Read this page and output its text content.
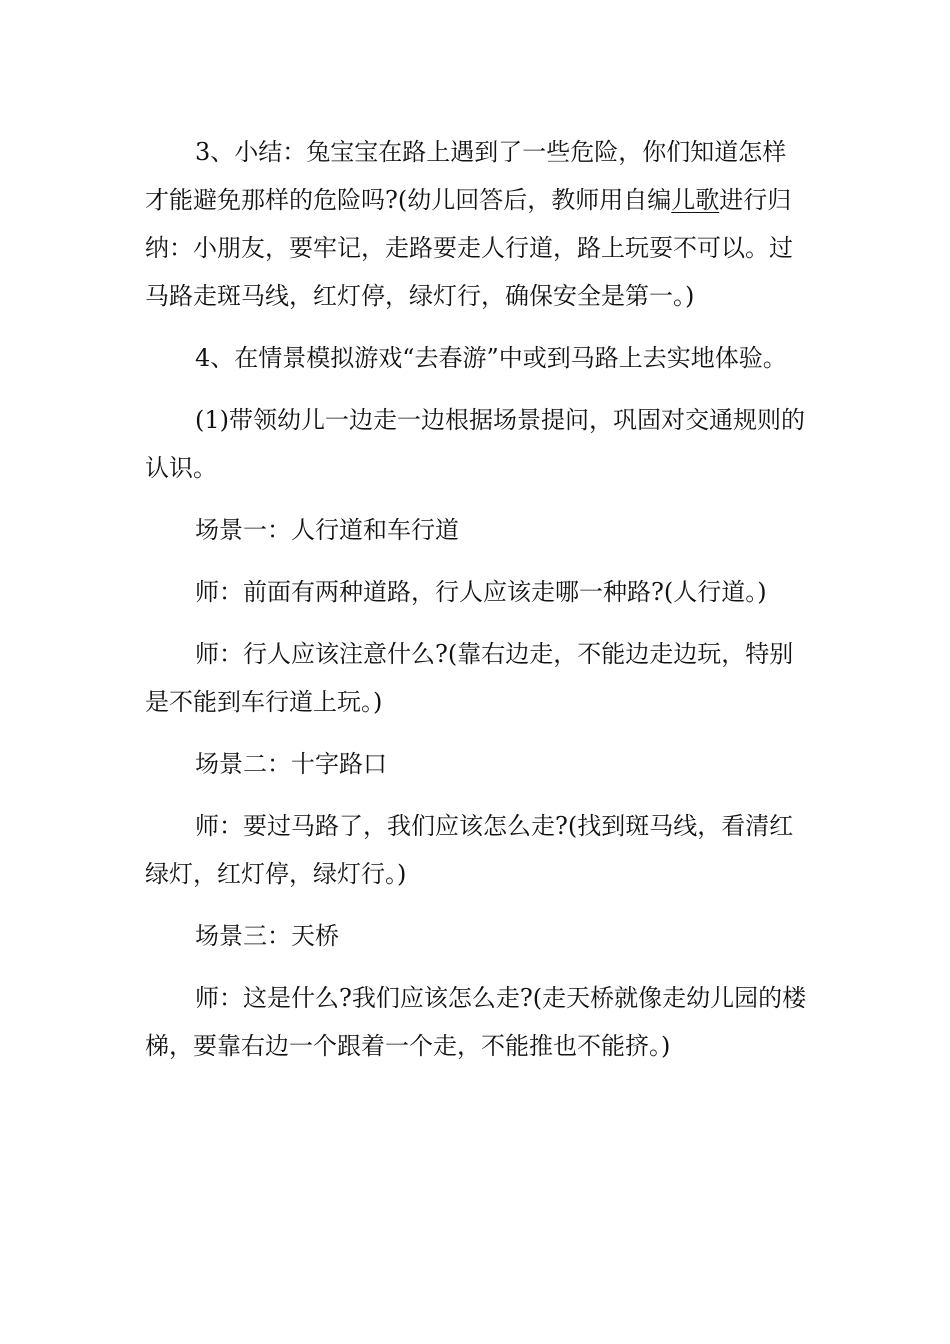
3、小结：兔宝宝在路上遇到了一些危险，你们知道怎样才能避免那样的危险吗?(幼儿回答后，教师用自编儿歌进行归纳：小朋友，要牢记，走路要走人行道，路上玩耍不可以。过马路走斑马线，红灯停，绿灯行，确保安全是第一。)

4、在情景模拟游戏“去春游”中或到马路上去实地体验。

(1)带领幼儿一边走一边根据场景提问，巩固对交通规则的认识。

场景一：人行道和车行道

师：前面有两种道路，行人应该走哪一种路?(人行道。)

师：行人应该注意什么?(靠右边走，不能边走边玩，特别是不能到车行道上玩。)

场景二：十字路口

师：要过马路了，我们应该怎么走?(找到斑马线，看清红绿灯，红灯停，绿灯行。)

场景三：天桥

师：这是什么?我们应该怎么走?(走天桥就像走幼儿园的楼梯，要靠右边一个跟着一个走，不能推也不能挤。)
